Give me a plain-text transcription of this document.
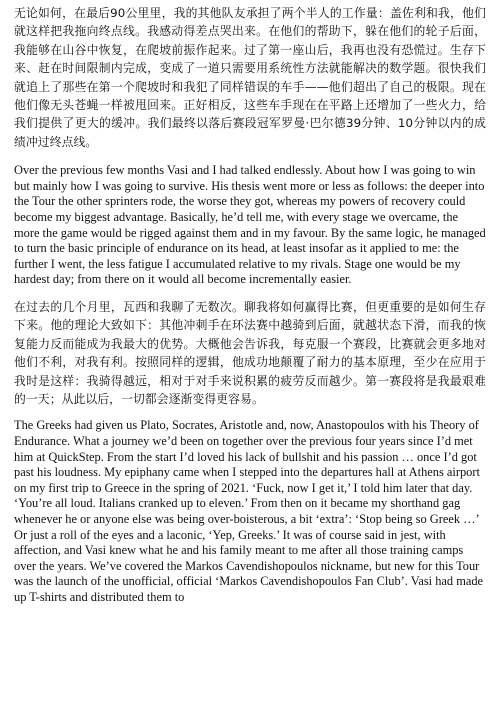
无论如何，在最后90公里里，我的其他队友承担了两个半人的工作量：盖佐利和我，他们就这样把我拖向终点线。我感动得差点哭出来。在他们的帮助下，躲在他们的轮子后面，我能够在山谷中恢复，在爬坡前振作起来。过了第一座山后，我再也没有恐慌过。生存下来、赶在时间限制内完成，变成了一道只需要用系统性方法就能解决的数学题。很快我们就追上了那些在第一个爬坡时和我犯了同样错误的车手——他们超出了自己的极限。现在他们像无头苍蝇一样被甩回来。正好相反，这些车手现在在平路上还增加了一些火力，给我们提供了更大的缓冲。我们最终以落后赛段冠军罗曼·巴尔德39分钟、10分钟以内的成绩冲过终点线。

Over the previous few months Vasi and I had talked endlessly. About how I was going to win but mainly how I was going to survive. His thesis went more or less as follows: the deeper into the Tour the other sprinters rode, the worse they got, whereas my powers of recovery could become my biggest advantage. Basically, he’d tell me, with every stage we overcame, the more the game would be rigged against them and in my favour. By the same logic, he managed to turn the basic principle of endurance on its head, at least insofar as it applied to me: the further I went, the less fatigue I accumulated relative to my rivals. Stage one would be my hardest day; from there on it would all become incrementally easier.

在过去的几个月里，瓦西和我聊了无数次。聊我将如何赢得比赛，但更重要的是如何生存下来。他的理论大致如下：其他冲刺手在环法赛中越骑到后面，就越状态下滑，而我的恢复能力反而能成为我最大的优势。大概他会告诉我，每克服一个赛段，比赛就会更多地对他们不利，对我有利。按照同样的逻辑，他成功地颠覆了耐力的基本原理，至少在应用于我时是这样：我骑得越远，相对于对手来说积累的疲劳反而越少。第一赛段将是我最艰难的一天；从此以后，一切都会逐渐变得更容易。

The Greeks had given us Plato, Socrates, Aristotle and, now, Anastopoulos with his Theory of Endurance. What a journey we’d been on together over the previous four years since I’d met him at QuickStep. From the start I’d loved his lack of bullshit and his passion … once I’d got past his loudness. My epiphany came when I stepped into the departures hall at Athens airport on my first trip to Greece in the spring of 2021. ‘Fuck, now I get it,’ I told him later that day. ‘You’re all loud. Italians cranked up to eleven.’ From then on it became my shorthand gag whenever he or anyone else was being over-boisterous, a bit ‘extra’: ‘Stop being so Greek …’ Or just a roll of the eyes and a laconic, ‘Yep, Greeks.’ It was of course said in jest, with affection, and Vasi knew what he and his family meant to me after all those training camps over the years. We’ve covered the Markos Cavendishopoulos nickname, but new for this Tour was the launch of the unofficial, official ‘Markos Cavendishopoulos Fan Club’. Vasi had made up T-shirts and distributed them to
